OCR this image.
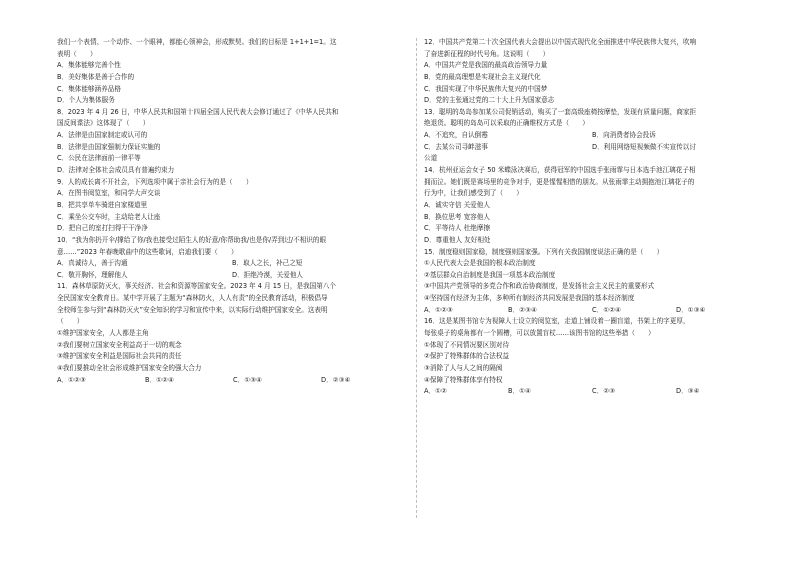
我们一个表情、一个动作、一个眼神，都能心领神会，形成默契。我们的目标是 1+1+1=1。这
表明（　　）
A．集体能够完善个性
B．美好集体是善于合作的
C．集体能够涵养品格
D．个人为集体服务
8．2023 年 4 月 26 日，中华人民共和国第十四届全国人民代表大会修订通过了《中华人民共和
国反间谍法》这体现了（　　）
A．法律是由国家制定或认可的
B．法律是由国家强制力保证实施的
C．公民在法律面前一律平等
D．法律对全体社会成员具有普遍约束力
9．人的成长离不开社会，下列选项中属于亲社会行为的是（　　）
A．在图书阅览室，和同学大声交谈
B．把共享单车骑进自家楼道里
C．乘坐公交车时，主动给老人让座
D．把自己的室打扫得干干净净
10．“我为你扔开伞/撑给了你/我也接受过陌生人的好意/你帮助我/也是你/弄到过/不相识的眼
意……”2023 年春晚歌曲中的这些歌词，启迪我们要（　　）
A．真诚待人，善于沟通	B．取人之长，补己之短
C．敬开胸怀，理解他人	D．拒绝冷漠，关爱他人
11．森林草原防灭火，事关经济、社会和资源等国家安全。2023 年 4 月 15 日，是我国第八个
全民国家安全教育日。某中学开展了主题为“森林防火，人人有责”的全民教育活动，积极倡导
全校师生参与到“森林防灭火”安全知识的学习和宣传中来，以实际行动维护国家安全。这表明
（　　）
①维护国家安全，人人都是主角
②我们要树立国家安全利益高于一切的观念
③维护国家安全利益是国际社会共同的责任
④我们要推动全社会形成维护国家安全的强大合力
A．①②③	B．①②④	C．①③④	D．②③④
12．中国共产党第二十次全国代表大会提出以中国式现代化全面推进中华民族伟大复兴，吹响
了奋进新征程的时代号角。这说明（　　）
A．中国共产党是我国的最高政治领导力量
B．党的最高理想是实现社会主义现代化
C．我国实现了中华民族伟大复兴的中国梦
D．党的主张通过党的二十大上升为国家意志
13．聪明的岛岛参加某公司促销活动，购买了一套高级座椅按摩垫，发现有质量问题，商家拒
绝退货。聪明的岛岛可以采取的正确维权方式是（　　）
A．不追究，自认倒霉	B．向消费者协会投诉
C．去某公司寻衅滋事	D．利用网络短视频做不实宣传以讨
公道
14．杭州亚运会女子 50 米蝶泳决赛后，获得冠军的中国选手张雨霏与日本选手池江璃花子相
拥而泣。她们既是赛场里的竞争对手，更是惺惺相惜的朋友。从张雨霏主动拥抱池江璃花子的
行为中，让我们感受到了（　　）
A．诚实守信 关爱他人
B．换位思考 宽容他人
C．平等待人 杜绝摩擦
D．尊重他人 友好相处
15．制度稳则国家稳，制度强则国家强。下列有关我国制度说法正确的是（　　）
①人民代表大会是我国的根本政治制度
②基层群众自治制度是我国一项基本政治制度
③中国共产党领导的多党合作和政治协商制度，是发扬社会主义民主的重要形式
④坚持国有经济为主体，多种所有制经济共同发展是我国的基本经济制度
A．①②③	B．②③④	C．①②④	D．①③④
16．这是某图书馆专为视障人士设立的阅览室，走道上铺设着一圈盲道，书架上的字更厚，
每张桌子的桌角都有一个圆槽，可以放置盲杖……该图书馆的这些举措（　　）
①体现了不同情况要区别对待
②保护了特殊群体的合法权益
③消除了人与人之间的隔阂
④保障了特殊群体享有特权
A．①②	B．①④	C．②③	D．③④
